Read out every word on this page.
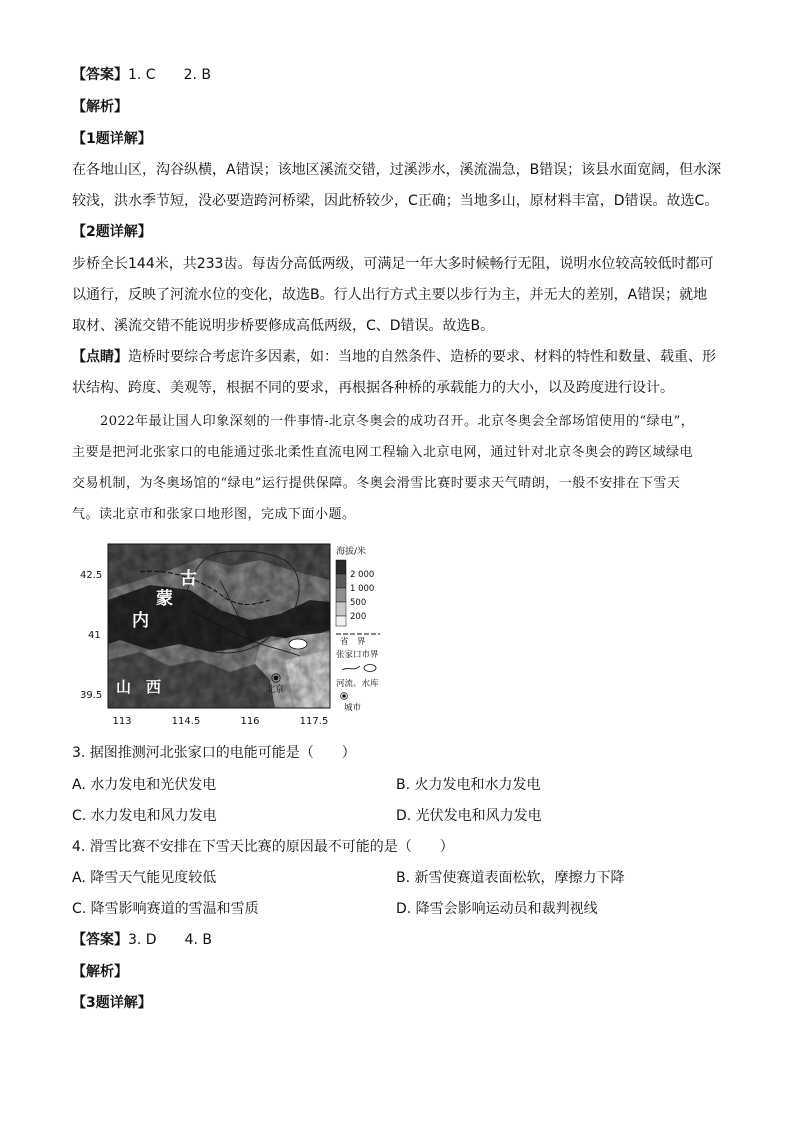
【答案】1. C　　2. B
【解析】
【1题详解】
在各地山区，沟谷纵横，A错误；该地区溪流交错，过溪涉水，溪流湍急，B错误；该县水面宽阔，但水深
较浅，洪水季节短，没必要造跨河桥梁，因此桥较少，C正确；当地多山，原材料丰富，D错误。故选C。
【2题详解】
步桥全长144米，共233齿。每齿分高低两级，可满足一年大多时候畅行无阻，说明水位较高较低时都可
以通行，反映了河流水位的变化，故选B。行人出行方式主要以步行为主，并无大的差别，A错误；就地
取材、溪流交错不能说明步桥要修成高低两级，C、D错误。故选B。
【点睛】造桥时要综合考虑许多因素，如：当地的自然条件、造桥的要求、材料的特性和数量、载重、形
状结构、跨度、美观等，根据不同的要求，再根据各种桥的承载能力的大小，以及跨度进行设计。
2022年最让国人印象深刻的一件事情-北京冬奥会的成功召开。北京冬奥会全部场馆使用的“绿电”，
主要是把河北张家口的电能通过张北柔性直流电网工程输入北京电网，通过针对北京冬奥会的跨区域绿电
交易机制，为冬奥场馆的“绿电”运行提供保障。冬奥会滑雪比赛时要求天气晴朗，一般不安排在下雪天
气。读北京市和张家口地形图，完成下面小题。
内
蒙
古
山 西	北京
42.5
41
39.5
113	114.5	116	117.5
海拔/米
2 000
1 000
500
200
省　界
张家口市界
河流、水库
城市
3. 据图推测河北张家口的电能可能是（　　）
A. 水力发电和光伏发电	B. 火力发电和水力发电
C. 水力发电和风力发电	D. 光伏发电和风力发电
4. 滑雪比赛不安排在下雪天比赛的原因最不可能的是（　　）
A. 降雪天气能见度较低	B. 新雪使赛道表面松软，摩擦力下降
C. 降雪影响赛道的雪温和雪质	D. 降雪会影响运动员和裁判视线
【答案】3. D　　4. B
【解析】
【3题详解】
